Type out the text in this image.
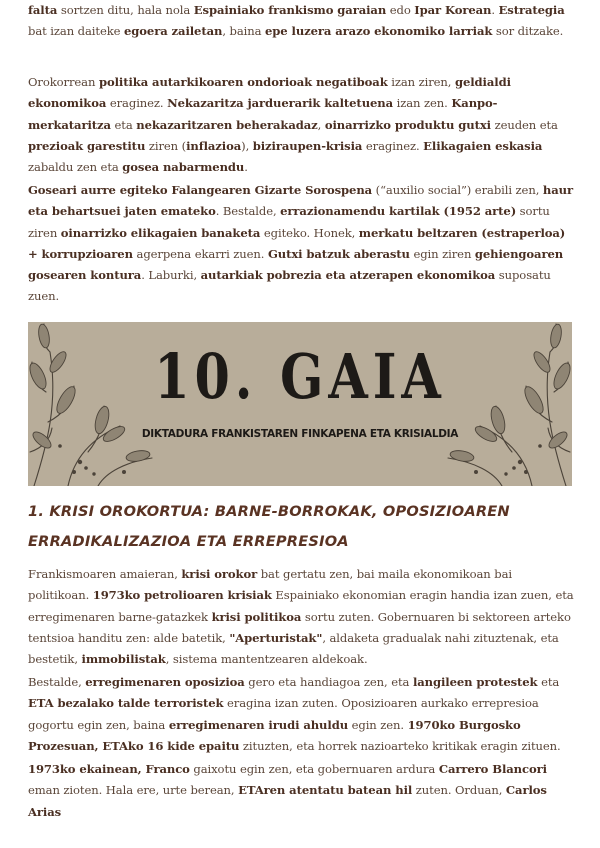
falta sortzen ditu, hala nola Espainiako frankismo garaian edo Ipar Korean. Estrategia bat izan daiteke egoera zailetan, baina epe luzera arazo ekonomiko larriak sor ditzake.
Orokorrean politika autarkikoaren ondorioak negatiboak izan ziren, geldialdi ekonomikoa eraginez. Nekazaritza jarduerarik kaltetuena izan zen. Kanpo-merkataritza eta nekazaritzaren beherakadaz, oinarrizko produktu gutxi zeuden eta prezioak garestitu ziren (inflazioa), biziraupen-krisia eraginez. Elikagaien eskasia zabaldu zen eta gosea nabarmendu.
Goseari aurre egiteko Falangearen Gizarte Sorospena (“auxilio social”) erabili zen, haur eta behartsuei jaten emateko. Bestalde, errazionamendu kartilak (1952 arte) sortu ziren oinarrizko elikagaien banaketa egiteko. Honek, merkatu beltzaren (estraperloa) + korrupzioaren agerpena ekarri zuen. Gutxi batzuk aberastu egin ziren gehiengoaren gosearen kontura. Laburki, autarkiak pobrezia eta atzerapen ekonomikoa suposatu zuen.
10. GAIA
DIKTADURA FRANKISTAREN FINKAPENA ETA KRISIALDIA
1. KRISI OROKORTUA: BARNE-BORROKAK, OPOSIZIOAREN ERRADIKALIZAZIOA ETA ERREPRESIOA
Frankismoaren amaieran, krisi orokor bat gertatu zen, bai maila ekonomikoan bai politikoan. 1973ko petrolioaren krisiak Espainiako ekonomian eragin handia izan zuen, eta erregimenaren barne-gatazkek krisi politikoa sortu zuten. Gobernuaren bi sektoreen arteko tentsioa handitu zen: alde batetik, "Aperturistak", aldaketa gradualak nahi zituztenak, eta bestetik, immobilistak, sistema mantentzearen aldekoak.
Bestalde, erregimenaren oposizioa gero eta handiagoa zen, eta langileen protestek eta ETA bezalako talde terroristek eragina izan zuten. Oposizioaren aurkako errepresioa gogortu egin zen, baina erregimenaren irudi ahuldu egin zen. 1970ko Burgosko Prozesuan, ETAko 16 kide epaitu zituzten, eta horrek nazioarteko kritikak eragin zituen.
1973ko ekainean, Franco gaixotu egin zen, eta gobernuaren ardura Carrero Blancori eman zioten. Hala ere, urte berean, ETAren atentatu batean hil zuten. Orduan, Carlos Arias
